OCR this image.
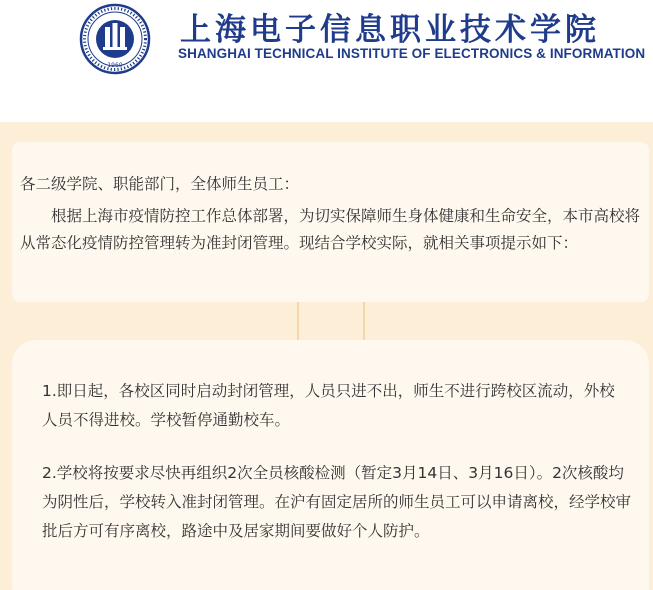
1960
上海电子信息职业技术学院
SHANGHAI TECHNICAL INSTITUTE OF ELECTRONICS & INFORMATION
各二级学院、职能部门，全体师生员工：
根据上海市疫情防控工作总体部署，为切实保障师生身体健康和生命安全，本市高校将从常态化疫情防控管理转为准封闭管理。现结合学校实际，就相关事项提示如下：
1.即日起，各校区同时启动封闭管理，人员只进不出，师生不进行跨校区流动，外校人员不得进校。学校暂停通勤校车。
2.学校将按要求尽快再组织2次全员核酸检测（暂定3月14日、3月16日）。2次核酸均为阴性后，学校转入准封闭管理。在沪有固定居所的师生员工可以申请离校，经学校审批后方可有序离校，路途中及居家期间要做好个人防护。
